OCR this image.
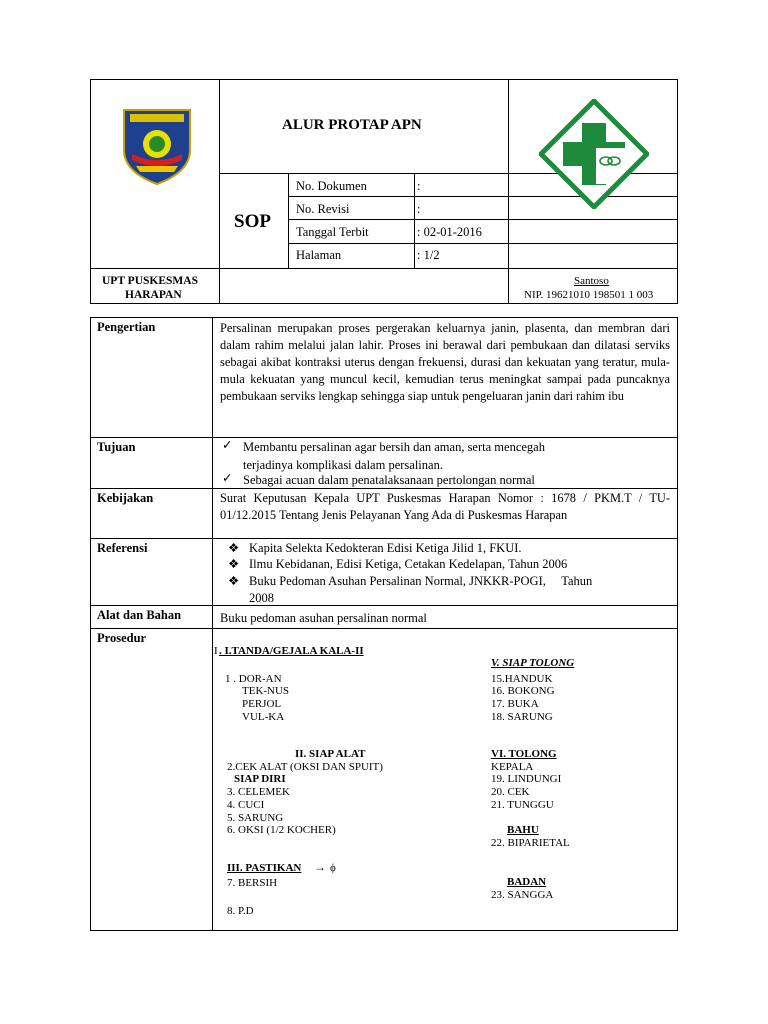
ALUR PROTAP APN
SOP
No. Dokumen	:
No. Revisi	:
Tanggal Terbit	: 02-01-2016
Halaman	: 1/2
UPT PUSKESMAS
HARAPAN
Santoso
NIP. 19621010 198501 1 003
Pengertian	Persalinan merupakan proses pergerakan keluarnya janin, plasenta, dan membran dari dalam rahim melalui jalan lahir. Proses ini berawal dari pembukaan dan dilatasi serviks sebagai akibat kontraksi uterus dengan frekuensi, durasi dan kekuatan yang teratur, mula- mula kekuatan yang muncul kecil, kemudian terus meningkat sampai pada puncaknya pembukaan serviks lengkap sehingga siap untuk pengeluaran janin dari rahim ibu
Tujuan	✓ Membantu persalinan agar bersih dan aman, serta mencegah
terjadinya komplikasi dalam persalinan.
✓ Sebagai acuan dalam penatalaksanaan pertolongan normal
Kebijakan	Surat Keputusan Kepala UPT Puskesmas Harapan Nomor : 1678 / PKM.T / TU-01/12.2015 Tentang Jenis Pelayanan Yang Ada di Puskesmas Harapan
Referensi	❖ Kapita Selekta Kedokteran Edisi Ketiga Jilid 1, FKUI.
❖ Ilmu Kebidanan, Edisi Ketiga, Cetakan Kedelapan, Tahun 2006
❖ Buku Pedoman Asuhan Persalinan Normal, JNKKR-POGI,     Tahun
2008
Alat dan Bahan	Buku pedoman asuhan persalinan normal
Prosedur
I . I.TANDA/GEJALA KALA-II
1 . DOR-AN
TEK-NUS
PERJOL
VUL-KA
II. SIAP ALAT
2.CEK ALAT (OKSI DAN SPUIT)
SIAP DIRI
3. CELEMEK
4. CUCI
5. SARUNG
6. OKSI (1/2 KOCHER)
III. PASTIKAN → ϕ
7. BERSIH
8. P.D
V. SIAP TOLONG
15.HANDUK
16. BOKONG
17. BUKA
18. SARUNG
VI. TOLONG
KEPALA
19. LINDUNGI
20. CEK
21. TUNGGU
BAHU
22. BIPARIETAL
BADAN
23. SANGGA
